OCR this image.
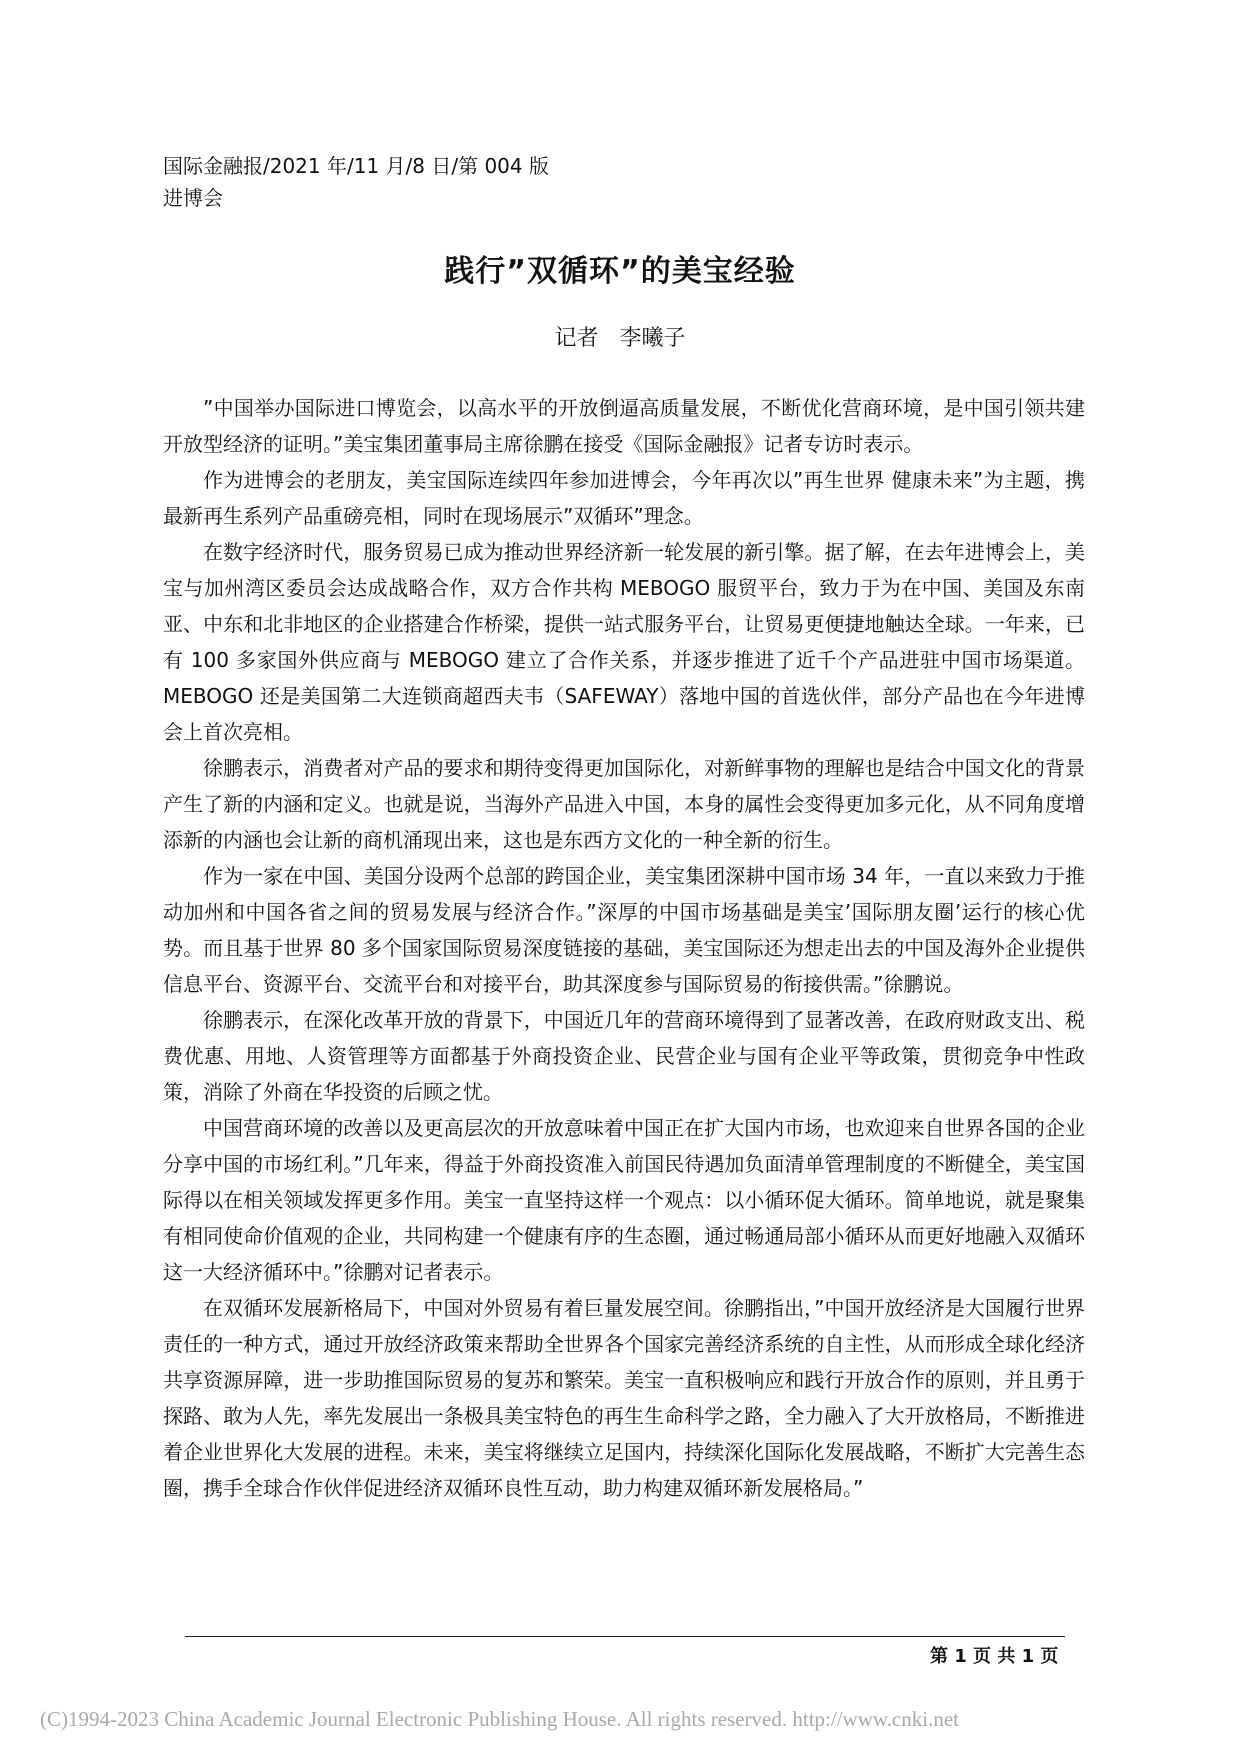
国际金融报/2021 年/11 月/8 日/第 004 版
进博会
践行”双循环”的美宝经验
记者 李曦子

”中国举办国际进口博览会，以高水平的开放倒逼高质量发展，不断优化营商环境，是中国引领共建开放型经济的证明。”美宝集团董事局主席徐鹏在接受《国际金融报》记者专访时表示。

作为进博会的老朋友，美宝国际连续四年参加进博会，今年再次以”再生世界 健康未来”为主题，携最新再生系列产品重磅亮相，同时在现场展示”双循环”理念。

在数字经济时代，服务贸易已成为推动世界经济新一轮发展的新引擎。据了解，在去年进博会上，美宝与加州湾区委员会达成战略合作，双方合作共构 MEBOGO 服贸平台，致力于为在中国、美国及东南亚、中东和北非地区的企业搭建合作桥梁，提供一站式服务平台，让贸易更便捷地触达全球。一年来，已有 100 多家国外供应商与 MEBOGO 建立了合作关系，并逐步推进了近千个产品进驻中国市场渠道。MEBOGO 还是美国第二大连锁商超西夫韦（SAFEWAY）落地中国的首选伙伴，部分产品也在今年进博会上首次亮相。

徐鹏表示，消费者对产品的要求和期待变得更加国际化，对新鲜事物的理解也是结合中国文化的背景产生了新的内涵和定义。也就是说，当海外产品进入中国，本身的属性会变得更加多元化，从不同角度增添新的内涵也会让新的商机涌现出来，这也是东西方文化的一种全新的衍生。

作为一家在中国、美国分设两个总部的跨国企业，美宝集团深耕中国市场 34 年，一直以来致力于推动加州和中国各省之间的贸易发展与经济合作。”深厚的中国市场基础是美宝’国际朋友圈’运行的核心优势。而且基于世界 80 多个国家国际贸易深度链接的基础，美宝国际还为想走出去的中国及海外企业提供信息平台、资源平台、交流平台和对接平台，助其深度参与国际贸易的衔接供需。”徐鹏说。

徐鹏表示，在深化改革开放的背景下，中国近几年的营商环境得到了显著改善，在政府财政支出、税费优惠、用地、人资管理等方面都基于外商投资企业、民营企业与国有企业平等政策，贯彻竞争中性政策，消除了外商在华投资的后顾之忧。

中国营商环境的改善以及更高层次的开放意味着中国正在扩大国内市场，也欢迎来自世界各国的企业分享中国的市场红利。”几年来，得益于外商投资准入前国民待遇加负面清单管理制度的不断健全，美宝国际得以在相关领域发挥更多作用。美宝一直坚持这样一个观点：以小循环促大循环。简单地说，就是聚集有相同使命价值观的企业，共同构建一个健康有序的生态圈，通过畅通局部小循环从而更好地融入双循环这一大经济循环中。”徐鹏对记者表示。

在双循环发展新格局下，中国对外贸易有着巨量发展空间。徐鹏指出，”中国开放经济是大国履行世界责任的一种方式，通过开放经济政策来帮助全世界各个国家完善经济系统的自主性，从而形成全球化经济共享资源屏障，进一步助推国际贸易的复苏和繁荣。美宝一直积极响应和践行开放合作的原则，并且勇于探路、敢为人先，率先发展出一条极具美宝特色的再生生命科学之路，全力融入了大开放格局，不断推进着企业世界化大发展的进程。未来，美宝将继续立足国内，持续深化国际化发展战略，不断扩大完善生态圈，携手全球合作伙伴促进经济双循环良性互动，助力构建双循环新发展格局。”

第 1 页 共 1 页
(C)1994-2023 China Academic Journal Electronic Publishing House. All rights reserved. http://www.cnki.net
